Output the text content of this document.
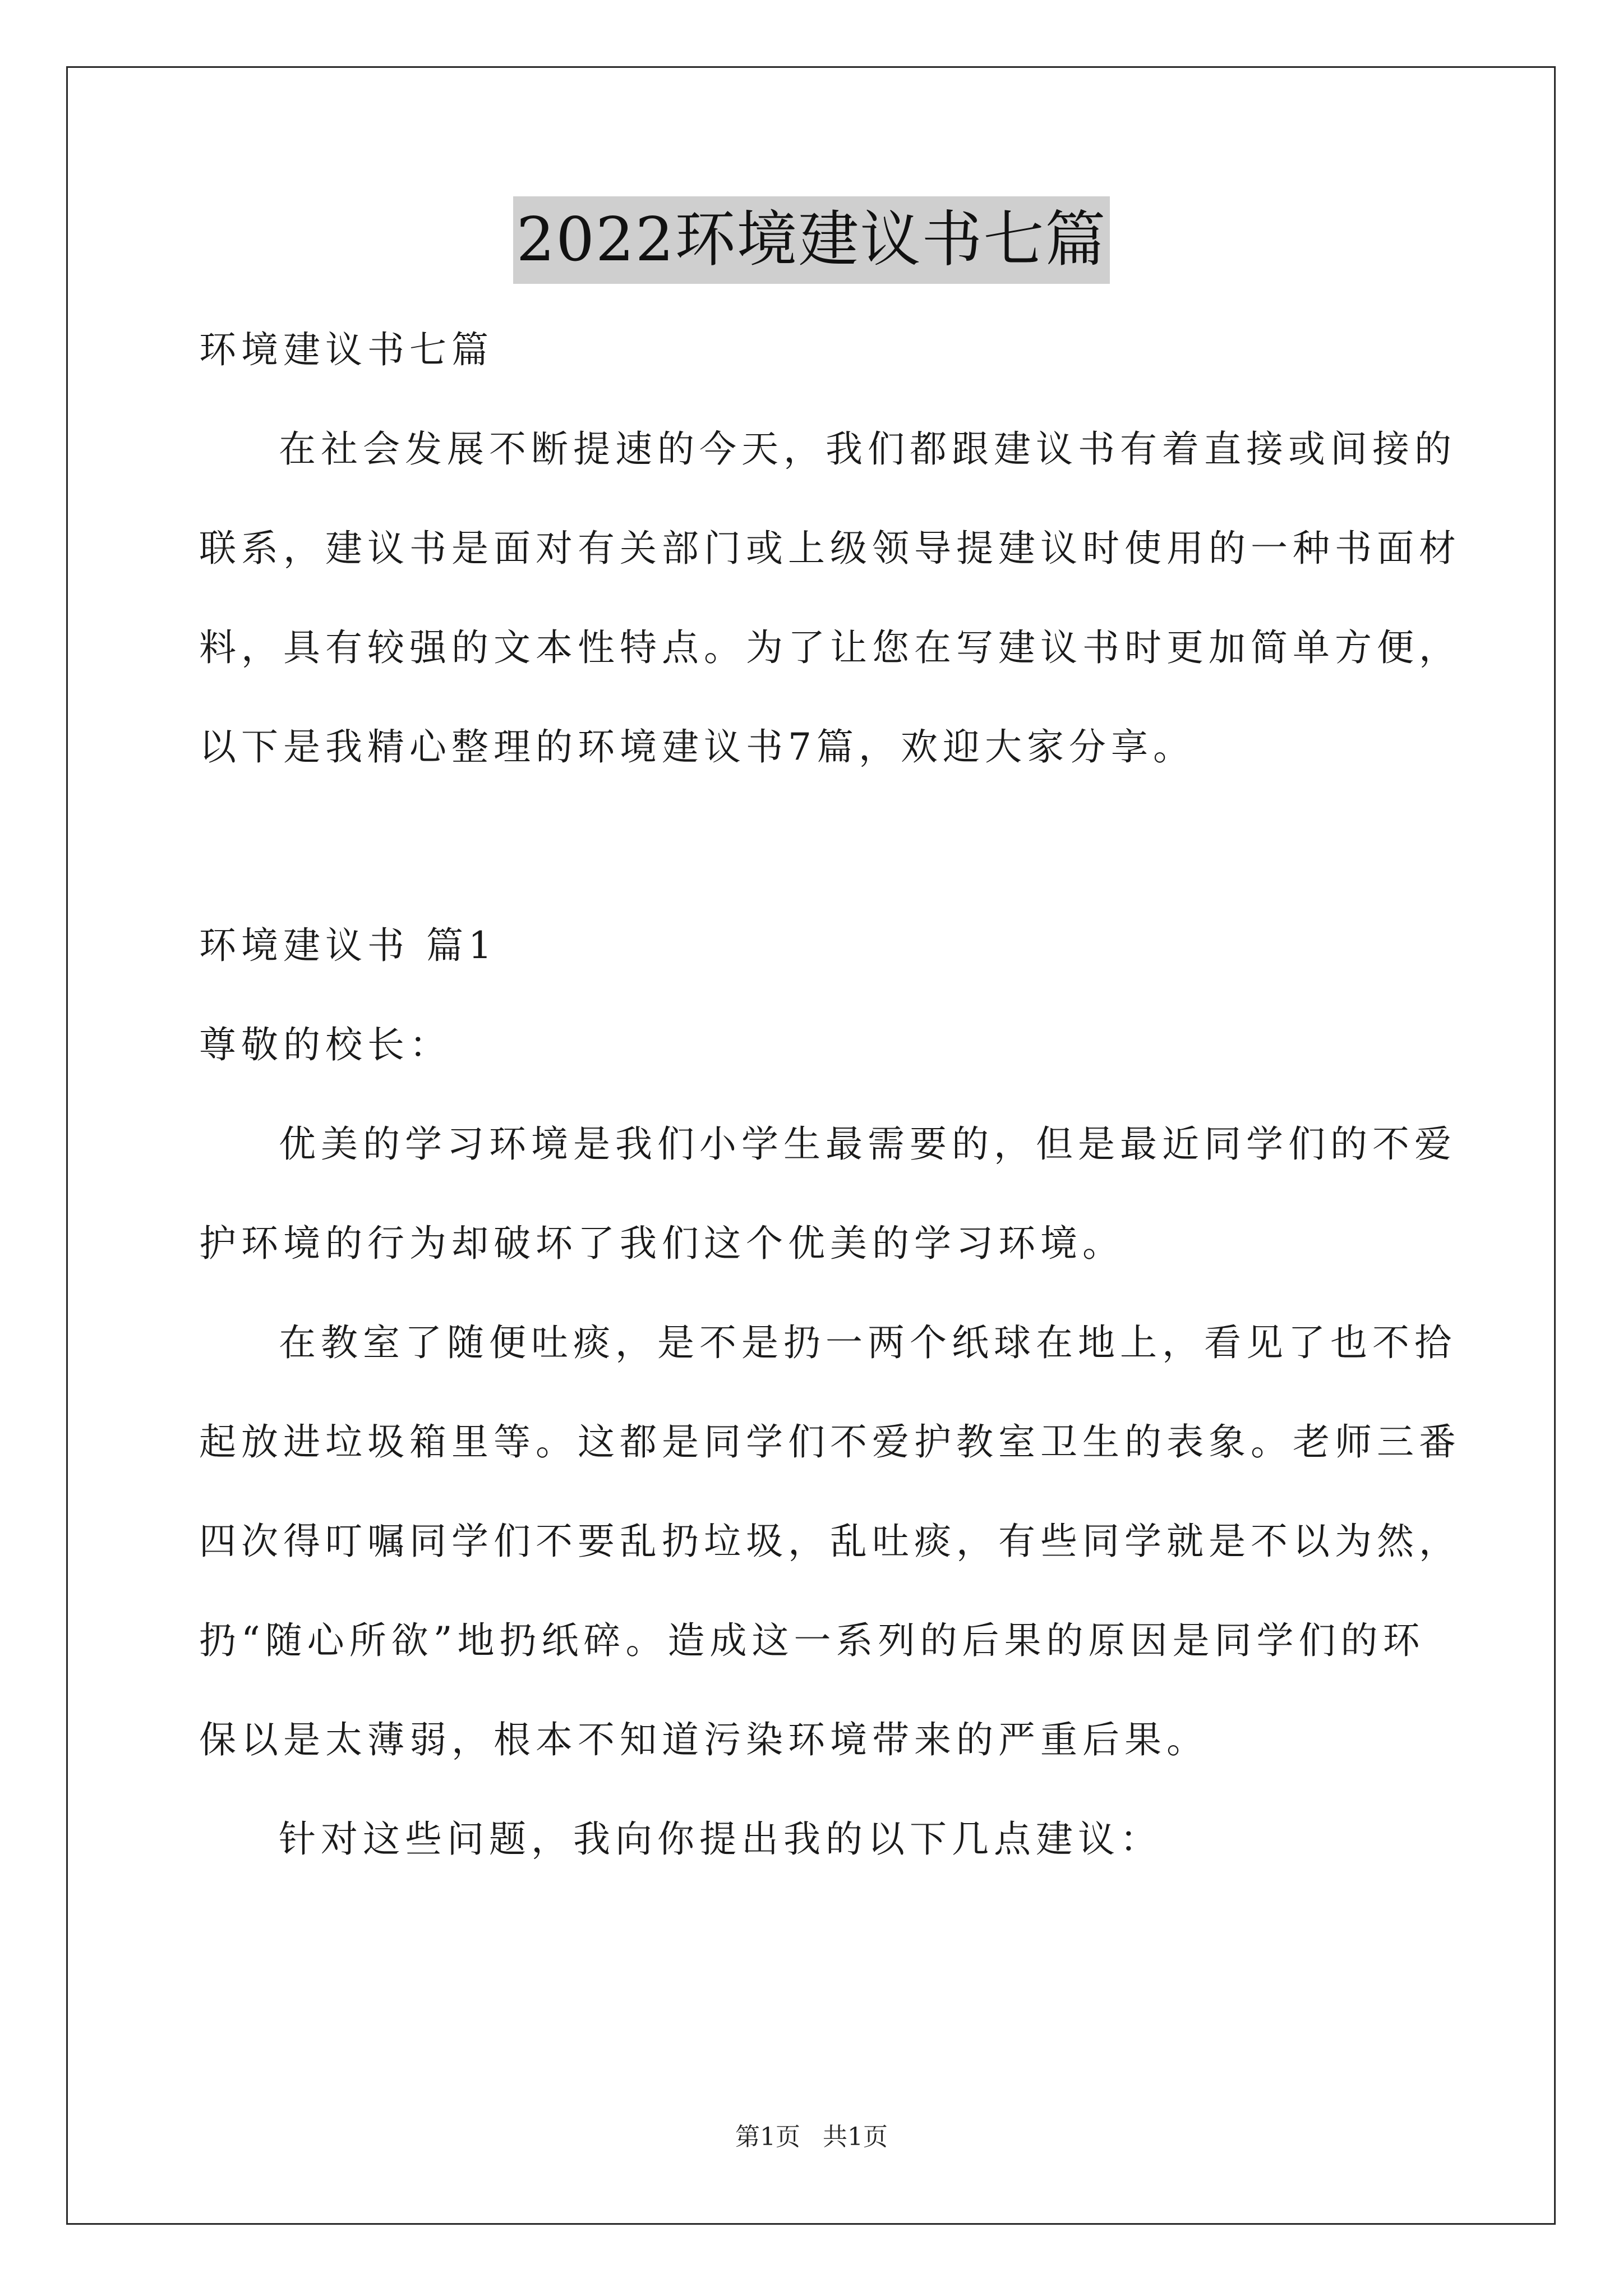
2022环境建议书七篇
环境建议书七篇
在社会发展不断提速的今天，我们都跟建议书有着直接或间接的
联系，建议书是面对有关部门或上级领导提建议时使用的一种书面材
料，具有较强的文本性特点。为了让您在写建议书时更加简单方便，
以下是我精心整理的环境建议书7篇，欢迎大家分享。
环境建议书 篇1
尊敬的校长：
优美的学习环境是我们小学生最需要的，但是最近同学们的不爱
护环境的行为却破坏了我们这个优美的学习环境。
在教室了随便吐痰，是不是扔一两个纸球在地上，看见了也不拾
起放进垃圾箱里等。这都是同学们不爱护教室卫生的表象。老师三番
四次得叮嘱同学们不要乱扔垃圾，乱吐痰，有些同学就是不以为然，
扔“随心所欲”地扔纸碎。造成这一系列的后果的原因是同学们的环
保以是太薄弱，根本不知道污染环境带来的严重后果。
针对这些问题，我向你提出我的以下几点建议：
第1页 共1页
